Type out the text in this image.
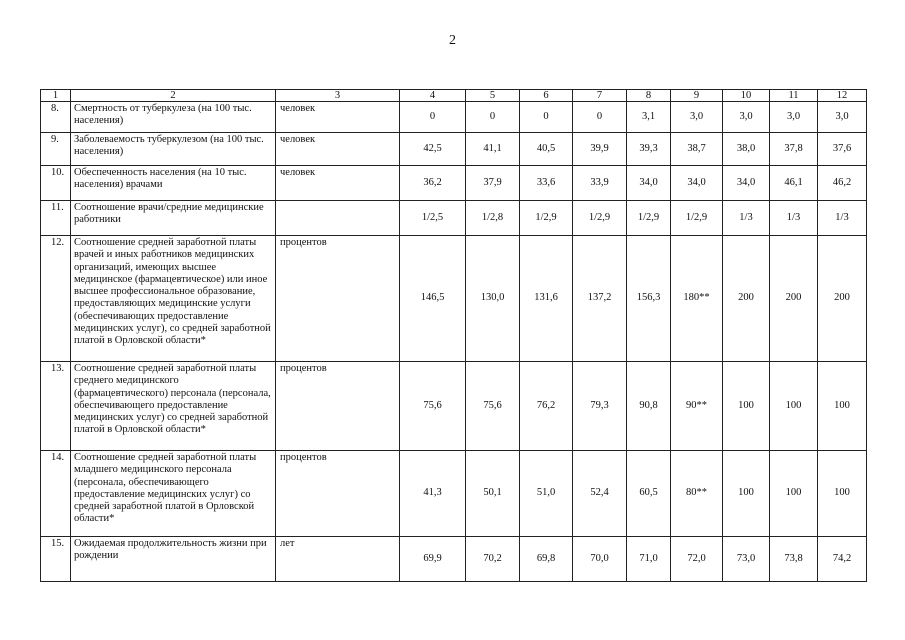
2
1	2	3	4	5	6	7	8	9	10	11	12
8.	Смертность от туберкулеза (на 100 тыс. населения)	человек	0	0	0	0	3,1	3,0	3,0	3,0	3,0
9.	Заболеваемость туберкулезом (на 100 тыс. населения)	человек	42,5	41,1	40,5	39,9	39,3	38,7	38,0	37,8	37,6
10.	Обеспеченность населения (на 10 тыс. населения) врачами	человек	36,2	37,9	33,6	33,9	34,0	34,0	34,0	46,1	46,2
11.	Соотношение врачи/средние медицинские работники		1/2,5	1/2,8	1/2,9	1/2,9	1/2,9	1/2,9	1/3	1/3	1/3
12.	Соотношение средней заработной платы врачей и иных работников медицинских организаций, имеющих высшее медицинское (фармацевтическое) или иное высшее профессиональное образование, предоставляющих медицинские услуги (обеспечивающих предоставление медицинских услуг), со средней заработной платой в Орловской области*	процентов	146,5	130,0	131,6	137,2	156,3	180**	200	200	200
13.	Соотношение средней заработной платы среднего медицинского (фармацевтического) персонала (персонала, обеспечивающего предоставление медицинских услуг) со средней заработной платой в Орловской области*	процентов	75,6	75,6	76,2	79,3	90,8	90**	100	100	100
14.	Соотношение средней заработной платы младшего медицинского персонала (персонала, обеспечивающего предоставление медицинских услуг) со средней заработной платой в Орловской области*	процентов	41,3	50,1	51,0	52,4	60,5	80**	100	100	100
15.	Ожидаемая продолжительность жизни при рождении	лет	69,9	70,2	69,8	70,0	71,0	72,0	73,0	73,8	74,2
